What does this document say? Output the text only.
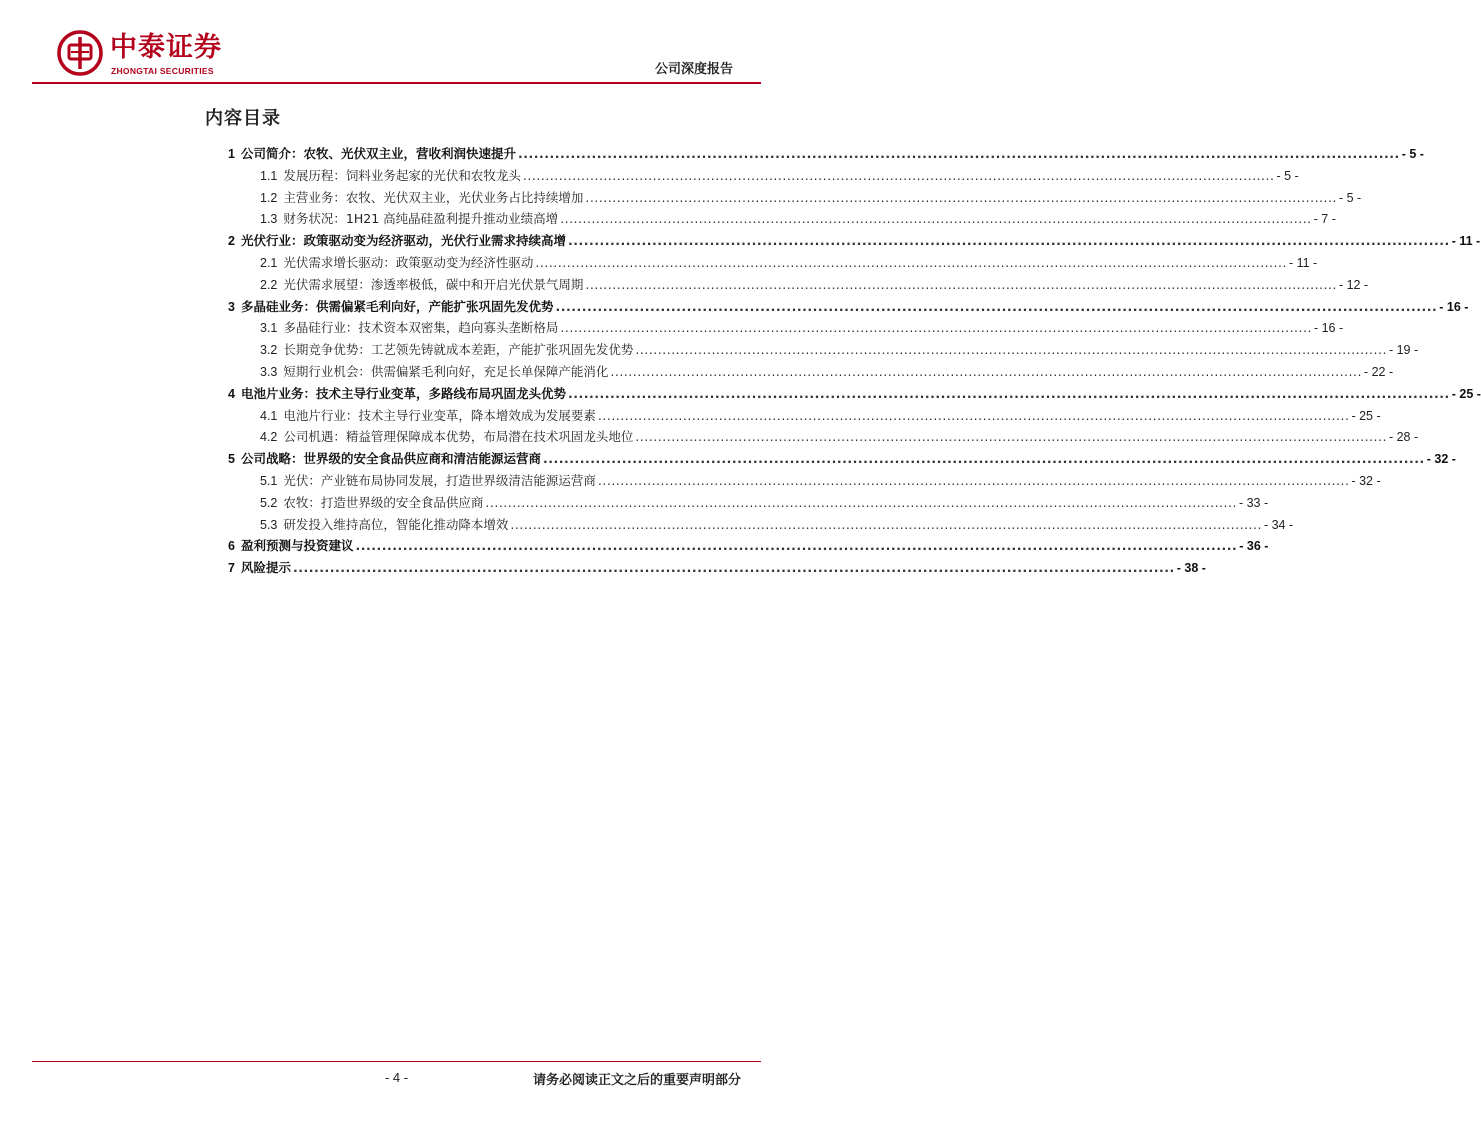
中泰证券
ZHONGTAI SECURITIES	公司深度报告
内容目录
1 公司简介：农牧、光伏双主业，营收利润快速提升 .....	- 5 -
1.1 发展历程：饲料业务起家的光伏和农牧龙头 .....	- 5 -
1.2 主营业务：农牧、光伏双主业，光伏业务占比持续增加 .....	- 5 -
1.3 财务状况：1H21 高纯晶硅盈利提升推动业绩高增 .....	- 7 -
2 光伏行业：政策驱动变为经济驱动，光伏行业需求持续高增 .....	- 11 -
2.1 光伏需求增长驱动：政策驱动变为经济性驱动 .....	- 11 -
2.2 光伏需求展望：渗透率极低，碳中和开启光伏景气周期 .....	- 12 -
3 多晶硅业务：供需偏紧毛利向好，产能扩张巩固先发优势 .....	- 16 -
3.1 多晶硅行业：技术资本双密集，趋向寡头垄断格局 .....	- 16 -
3.2 长期竞争优势：工艺领先铸就成本差距，产能扩张巩固先发优势 .....	- 19 -
3.3 短期行业机会：供需偏紧毛利向好，充足长单保障产能消化 .....	- 22 -
4 电池片业务：技术主导行业变革，多路线布局巩固龙头优势 .....	- 25 -
4.1 电池片行业：技术主导行业变革，降本增效成为发展要素 .....	- 25 -
4.2 公司机遇：精益管理保障成本优势，布局潜在技术巩固龙头地位 .....	- 28 -
5 公司战略：世界级的安全食品供应商和清洁能源运营商 .....	- 32 -
5.1 光伏：产业链布局协同发展，打造世界级清洁能源运营商 .....	- 32 -
5.2 农牧：打造世界级的安全食品供应商 .....	- 33 -
5.3 研发投入维持高位，智能化推动降本增效 .....	- 34 -
6 盈利预测与投资建议 .....	- 36 -
7 风险提示 .....	- 38 -
- 4 -	请务必阅读正文之后的重要声明部分
